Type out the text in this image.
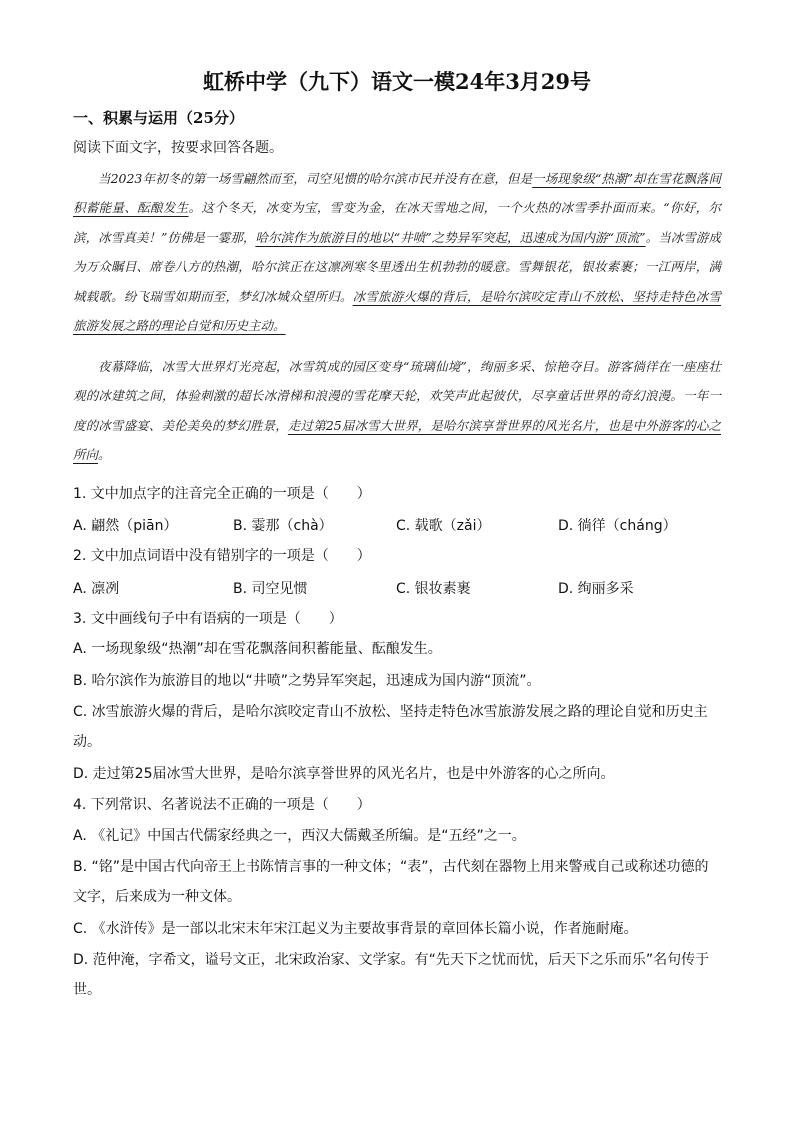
虹桥中学（九下）语文一模24年3月29号
一、积累与运用（25分）
阅读下面文字，按要求回答各题。
当2023年初冬的第一场雪翩然而至，司空见惯的哈尔滨市民并没有在意，但是一场现象级“热潮”却在雪花飘落间积蓄能量、酝酿发生。这个冬天，冰变为宝，雪变为金，在冰天雪地之间，一个火热的冰雪季扑面而来。“你好，尔滨，冰雪真美！”仿佛是一霎那，哈尔滨作为旅游目的地以“井喷”之势异军突起，迅速成为国内游“顶流”。当冰雪游成为万众瞩目、席卷八方的热潮，哈尔滨正在这凛冽寒冬里透出生机勃勃的暖意。雪舞银花，银妆素裹；一江两岸，满城载歌。纷飞瑞雪如期而至，梦幻冰城众望所归。冰雪旅游火爆的背后，是哈尔滨咬定青山不放松、坚持走特色冰雪旅游发展之路的理论自觉和历史主动。
夜幕降临，冰雪大世界灯光亮起，冰雪筑成的园区变身“琉璃仙境”，绚丽多采、惊艳夺目。游客徜徉在一座座壮观的冰建筑之间，体验刺激的超长冰滑梯和浪漫的雪花摩天轮，欢笑声此起彼伏，尽享童话世界的奇幻浪漫。一年一度的冰雪盛宴、美伦美奂的梦幻胜景，走过第25届冰雪大世界，是哈尔滨享誉世界的风光名片，也是中外游客的心之所向。
1. 文中加点字的注音完全正确的一项是（　　）
A. 翩然（piān）	B. 霎那（chà）	C. 载歌（zǎi）	D. 徜徉（cháng）
2. 文中加点词语中没有错别字的一项是（　　）
A. 凛冽	B. 司空见惯	C. 银妆素裹	D. 绚丽多采
3. 文中画线句子中有语病的一项是（　　）
A. 一场现象级“热潮”却在雪花飘落间积蓄能量、酝酿发生。
B. 哈尔滨作为旅游目的地以“井喷”之势异军突起，迅速成为国内游“顶流”。
C. 冰雪旅游火爆的背后，是哈尔滨咬定青山不放松、坚持走特色冰雪旅游发展之路的理论自觉和历史主动。
D. 走过第25届冰雪大世界，是哈尔滨享誉世界的风光名片，也是中外游客的心之所向。
4. 下列常识、名著说法不正确的一项是（　　）
A. 《礼记》中国古代儒家经典之一，西汉大儒戴圣所编。是“五经”之一。
B. “铭”是中国古代向帝王上书陈情言事的一种文体；“表”，古代刻在器物上用来警戒自己或称述功德的文字，后来成为一种文体。
C. 《水浒传》是一部以北宋末年宋江起义为主要故事背景的章回体长篇小说，作者施耐庵。
D. 范仲淹，字希文，谥号文正，北宋政治家、文学家。有“先天下之忧而忧，后天下之乐而乐”名句传于世。
